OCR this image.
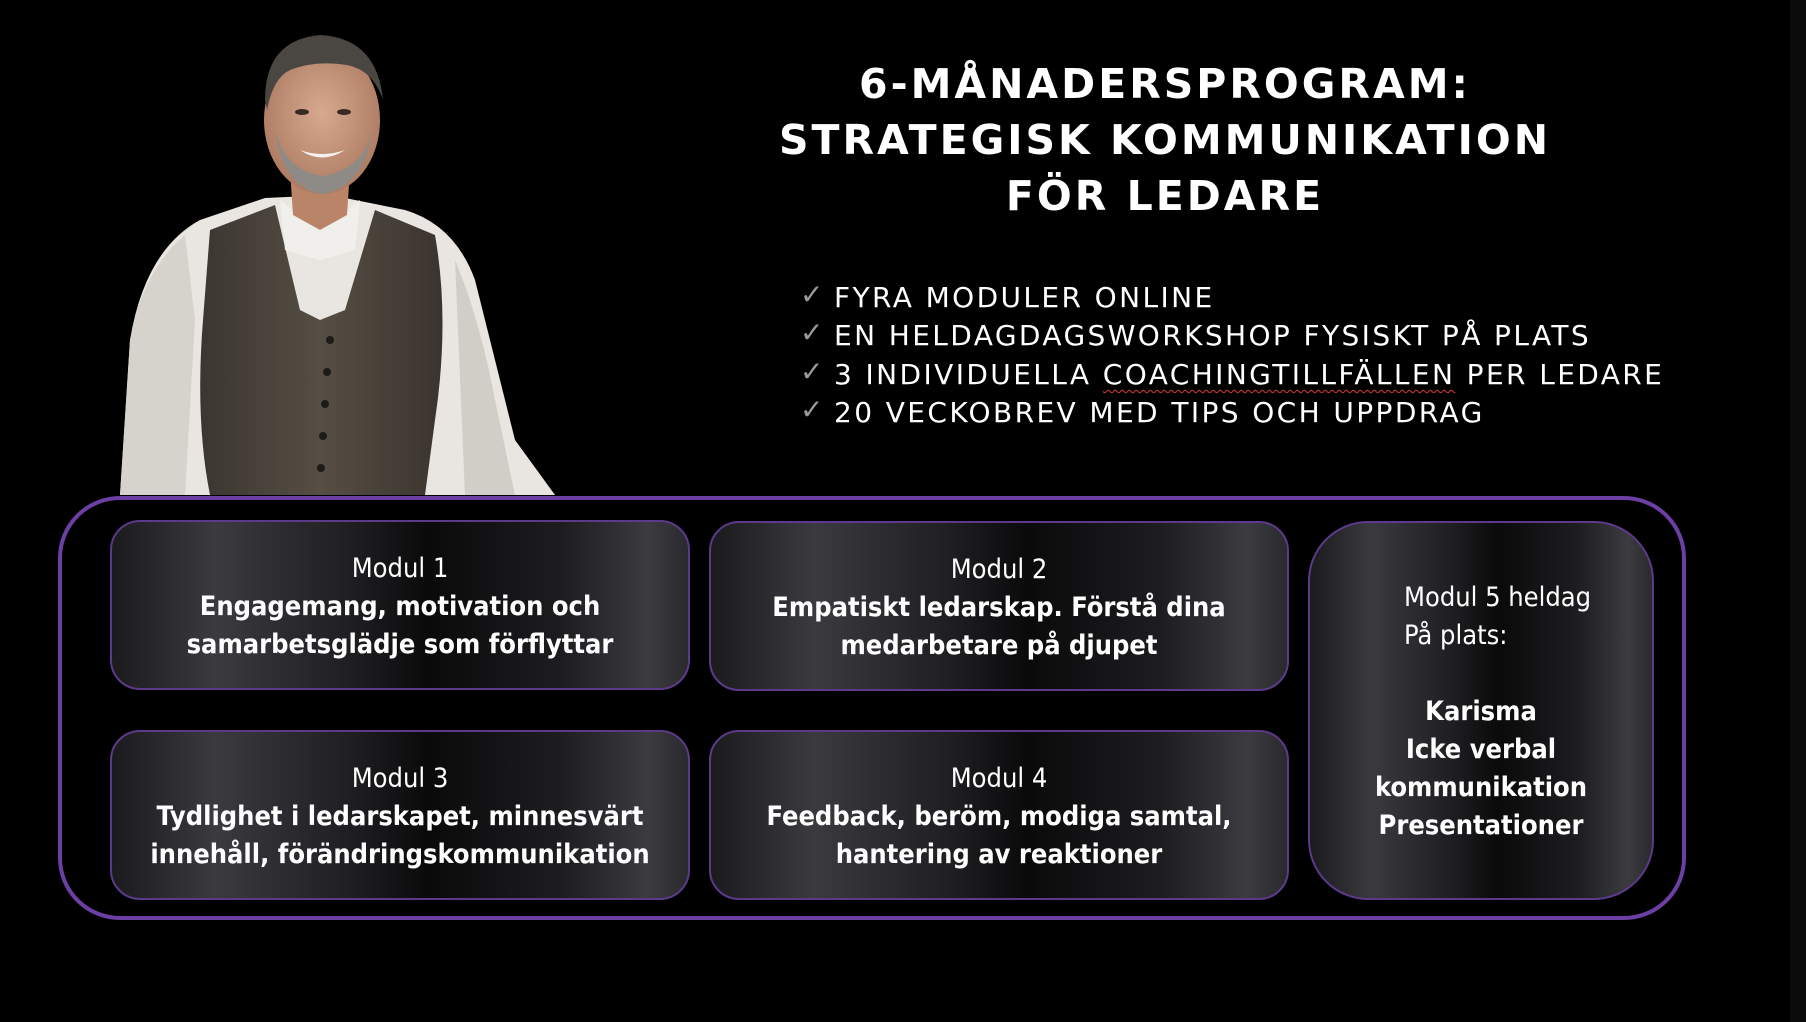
6-MÅNADERSPROGRAM:
STRATEGISK KOMMUNIKATION
FÖR LEDARE
✓ FYRA MODULER ONLINE
✓ EN HELDAGDAGSWORKSHOP FYSISKT PÅ PLATS
✓ 3 INDIVIDUELLA COACHINGTILLFÄLLEN PER LEDARE
✓ 20 VECKOBREV MED TIPS OCH UPPDRAG
Modul 1
Engagemang, motivation och
samarbetsglädje som förflyttar
Modul 2
Empatiskt ledarskap. Förstå dina
medarbetare på djupet
Modul 3
Tydlighet i ledarskapet, minnesvärt
innehåll, förändringskommunikation
Modul 4
Feedback, beröm, modiga samtal,
hantering av reaktioner
Modul 5 heldag
På plats:
Karisma
Icke verbal
kommunikation
Presentationer
